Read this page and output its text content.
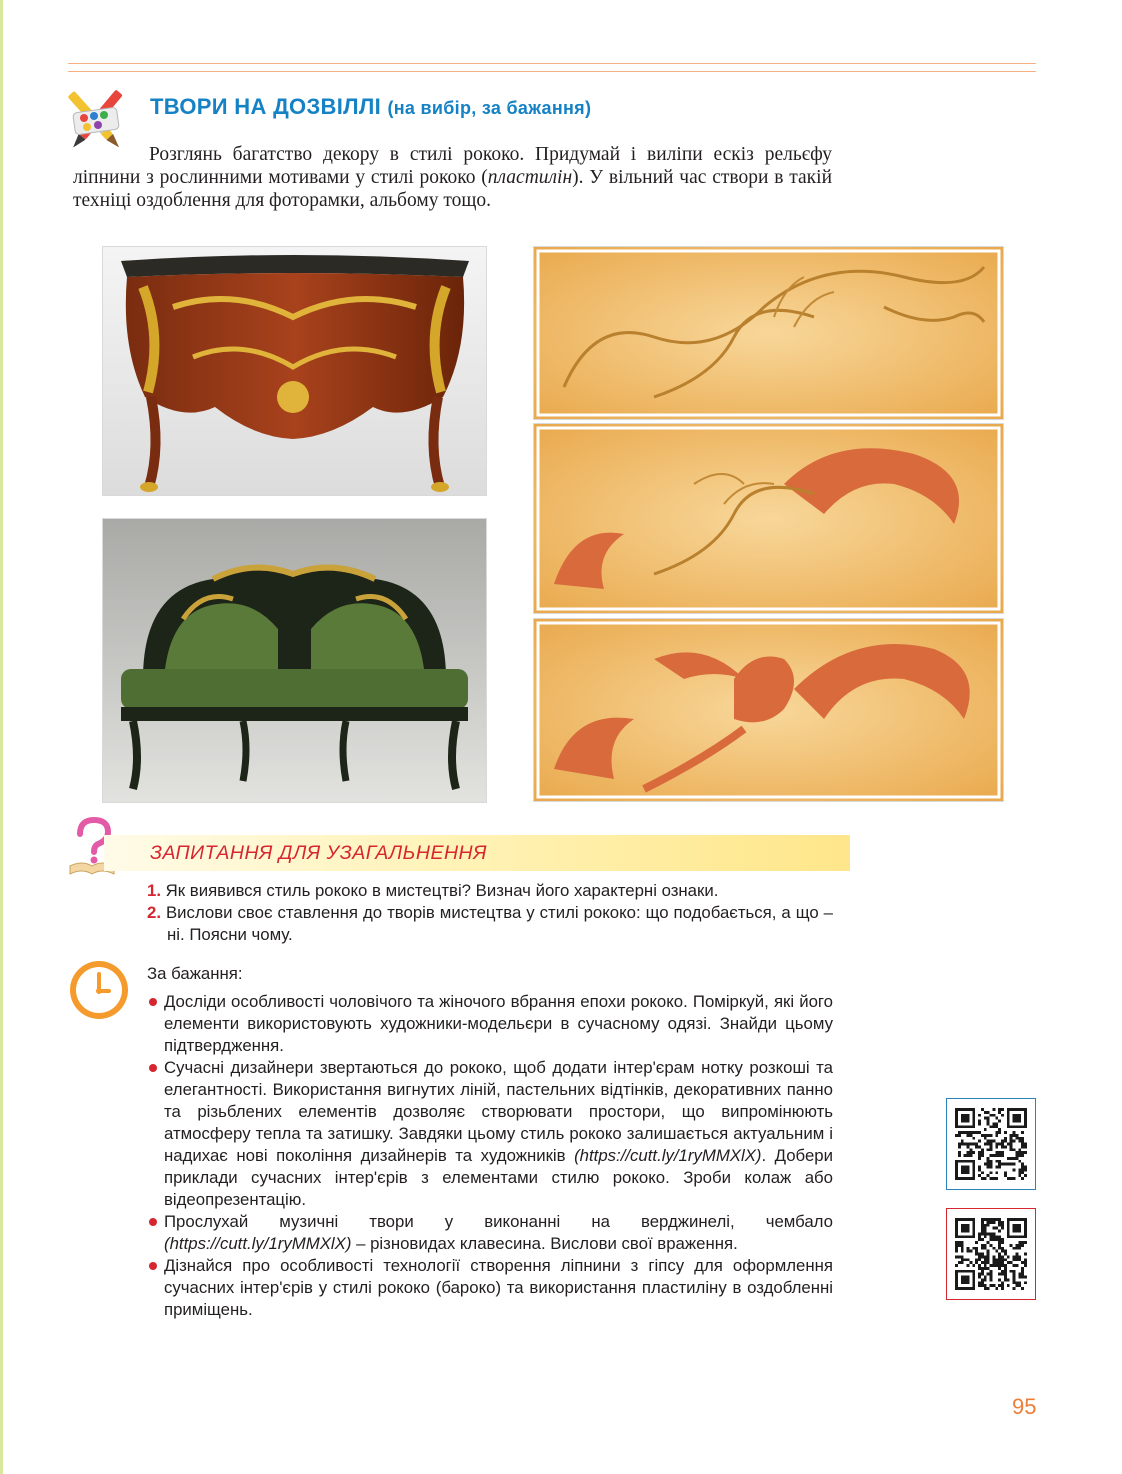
ТВОРИ НА ДОЗВІЛЛІ (на вибір, за бажання)

Розглянь багатство декору в стилі рококо. Придумай і виліпи ескіз рельєфу ліпнини з рослинними мотивами у стилі рококо (пластилін). У вільний час створи в такій техніці оздоблення для фоторамки, альбому тощо.

ЗАПИТАННЯ ДЛЯ УЗАГАЛЬНЕННЯ
1. Як виявився стиль рококо в мистецтві? Визнач його характерні ознаки.
2. Вислови своє ставлення до творів мистецтва у стилі рококо: що подобається, а що – ні. Поясни чому.

За бажання:

Досліди особливості чоловічого та жіночого вбрання епохи рококо. Поміркуй, які його елементи використовують художники-модельєри в сучасному одязі. Знайди цьому підтвердження.
Сучасні дизайнери звертаються до рококо, щоб додати інтер'єрам нотку розкоші та елегантності. Використання вигнутих ліній, пастельних відтінків, декоративних панно та різьблених елементів дозволяє створювати простори, що випромінюють атмосферу тепла та затишку. Завдяки цьому стиль рококо залишається актуальним і надихає нові покоління дизайнерів та художників (https://cutt.ly/1ryMMXlX). Добери приклади сучасних інтер'єрів з елементами стилю рококо. Зроби колаж або відеопрезентацію.
Прослухай музичні твори у виконанні на верджинелі, чембало (https://cutt.ly/1ryMMXlX) – різновидах клавесина. Вислови свої враження.
Дізнайся про особливості технології створення ліпнини з гіпсу для оформлення сучасних інтер'єрів у стилі рококо (бароко) та використання пластиліну в оздобленні приміщень.

95
